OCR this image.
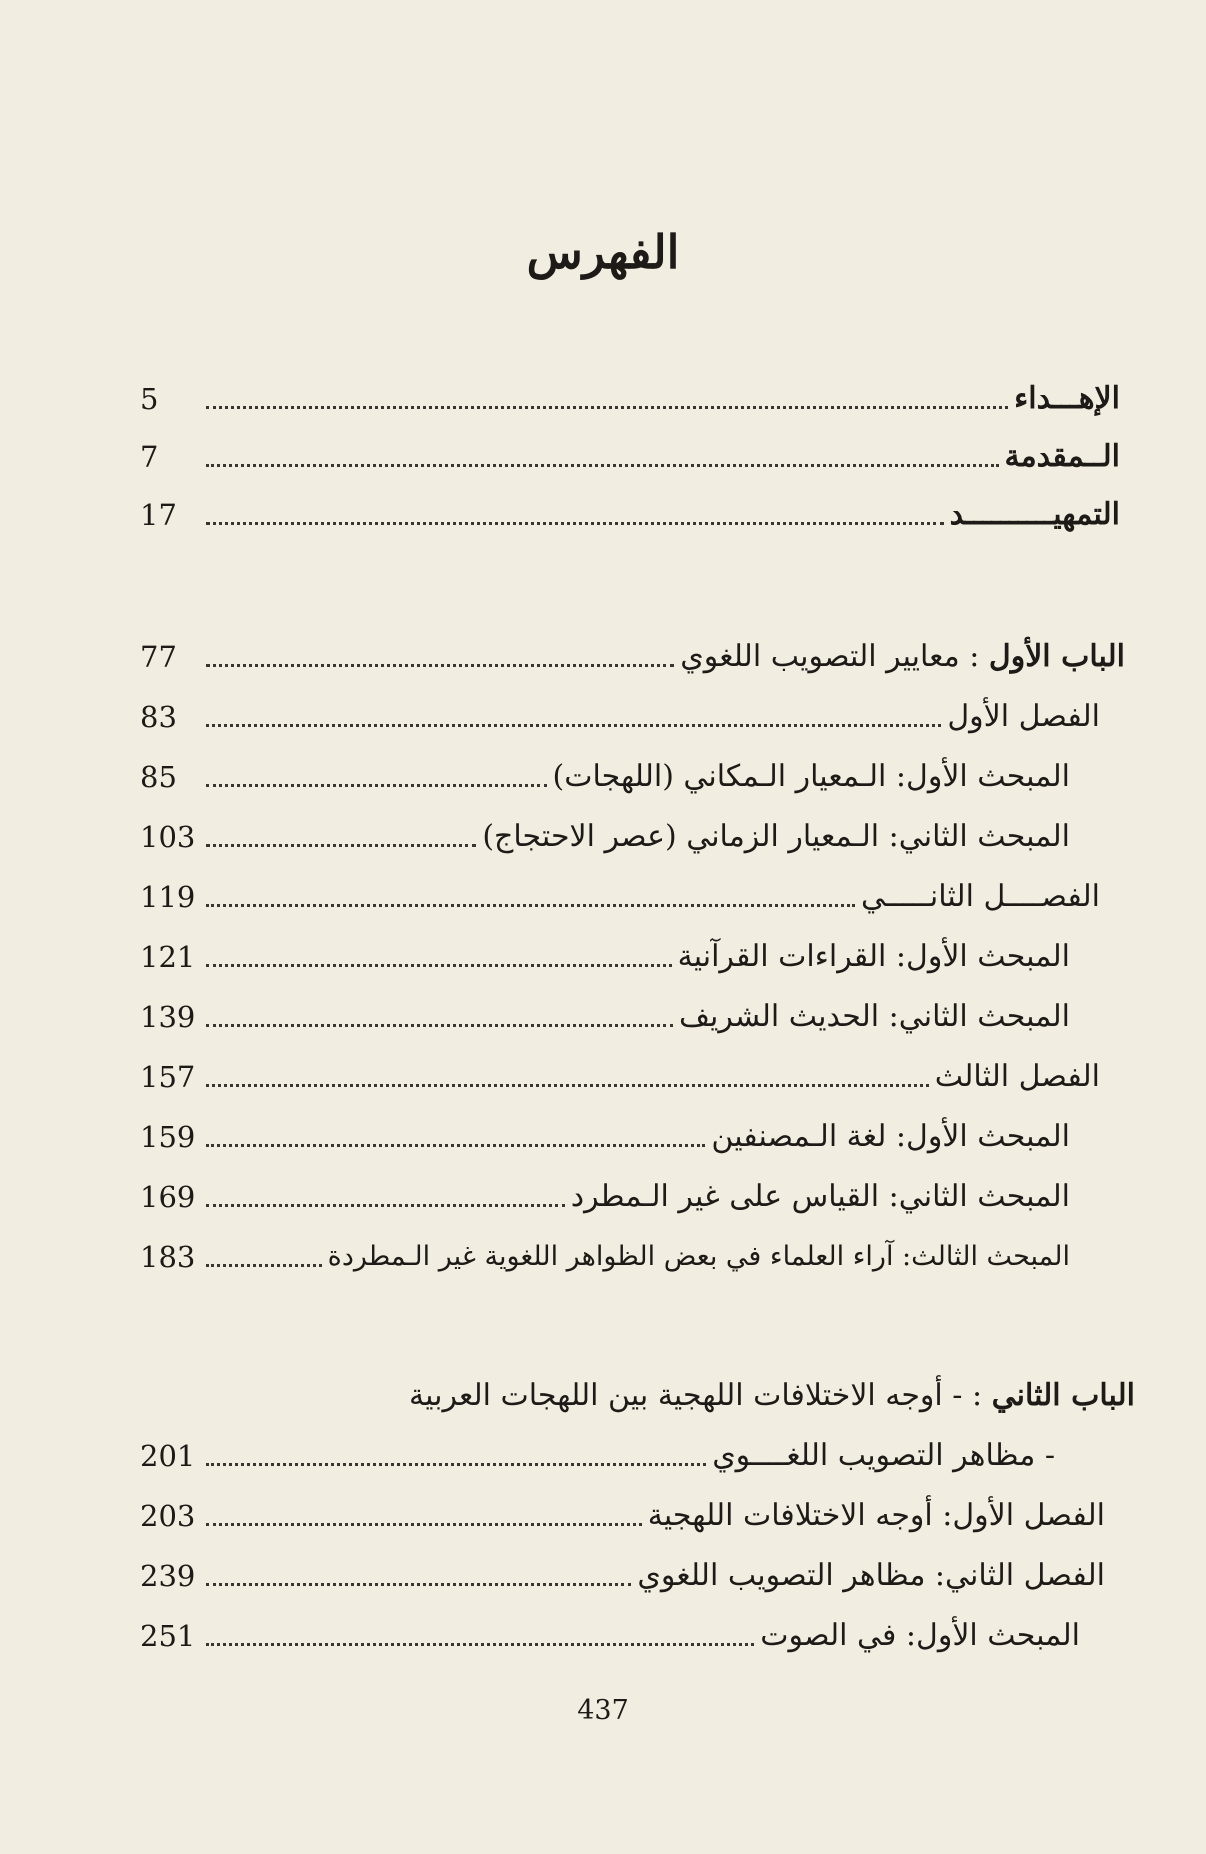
الفهرس
الإهـــداء
5
الــمقدمة
7
التمهيــــــــــد
17
الباب الأول : معايير التصويب اللغوي
77
الفصل الأول
83
المبحث الأول: الـمعيار الـمكاني (اللهجات)
85
المبحث الثاني: الـمعيار الزماني (عصر الاحتجاج)
103
الفصــــل الثانـــــي
119
المبحث الأول: القراءات القرآنية
121
المبحث الثاني: الحديث الشريف
139
الفصل الثالث
157
المبحث الأول: لغة الـمصنفين
159
المبحث الثاني: القياس على غير الـمطرد
169
المبحث الثالث: آراء العلماء في بعض الظواهر اللغوية غير الـمطردة
183
الباب الثاني : - أوجه الاختلافات اللهجية بين اللهجات العربية
- مظاهر التصويب اللغــــوي
201
الفصل الأول: أوجه الاختلافات اللهجية
203
الفصل الثاني: مظاهر التصويب اللغوي
239
المبحث الأول: في الصوت
251
437
